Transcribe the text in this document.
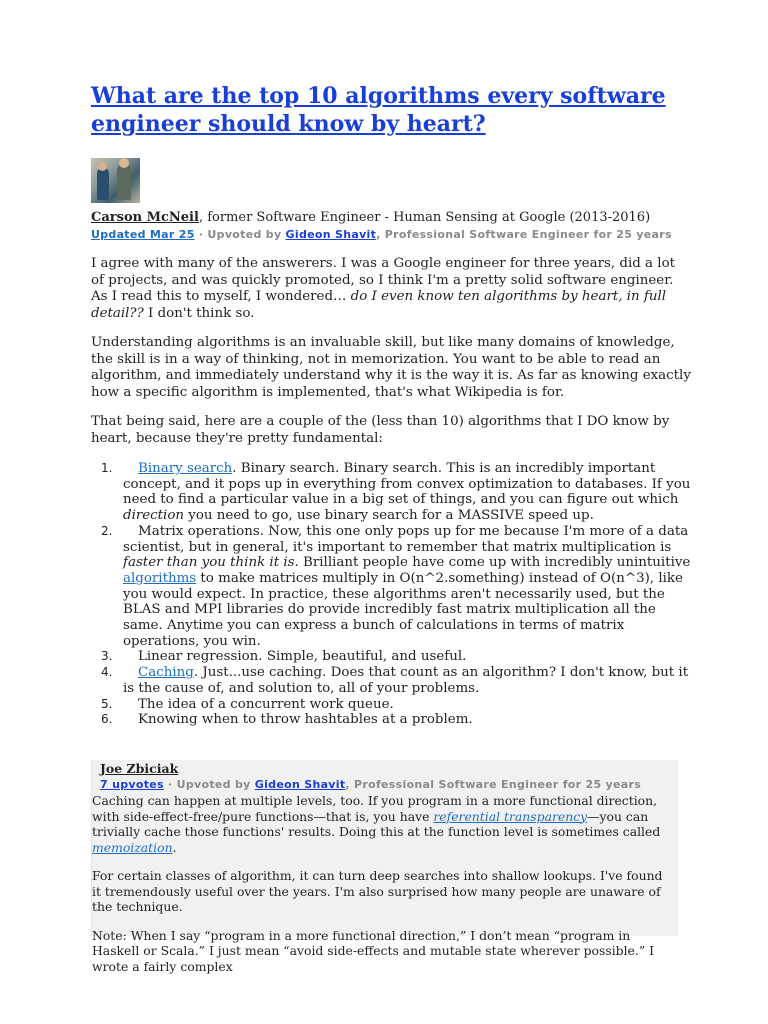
What are the top 10 algorithms every software engineer should know by heart?
Carson McNeil, former Software Engineer - Human Sensing at Google (2013-2016)
Updated Mar 25 · Upvoted by Gideon Shavit, Professional Software Engineer for 25 years

I agree with many of the answerers. I was a Google engineer for three years, did a lot of projects, and was quickly promoted, so I think I'm a pretty solid software engineer. As I read this to myself, I wondered… do I even know ten algorithms by heart, in full detail?? I don't think so.

Understanding algorithms is an invaluable skill, but like many domains of knowledge, the skill is in a way of thinking, not in memorization. You want to be able to read an algorithm, and immediately understand why it is the way it is. As far as knowing exactly how a specific algorithm is implemented, that's what Wikipedia is for.

That being said, here are a couple of the (less than 10) algorithms that I DO know by heart, because they're pretty fundamental:

1. Binary search. Binary search. Binary search. This is an incredibly important concept, and it pops up in everything from convex optimization to databases. If you need to find a particular value in a big set of things, and you can figure out which direction you need to go, use binary search for a MASSIVE speed up.
2. Matrix operations. Now, this one only pops up for me because I'm more of a data scientist, but in general, it's important to remember that matrix multiplication is faster than you think it is. Brilliant people have come up with incredibly unintuitive algorithms to make matrices multiply in O(n^2.something) instead of O(n^3), like you would expect. In practice, these algorithms aren't necessarily used, but the BLAS and MPI libraries do provide incredibly fast matrix multiplication all the same. Anytime you can express a bunch of calculations in terms of matrix operations, you win.
3. Linear regression. Simple, beautiful, and useful.
4. Caching. Just...use caching. Does that count as an algorithm? I don't know, but it is the cause of, and solution to, all of your problems.
5. The idea of a concurrent work queue.
6. Knowing when to throw hashtables at a problem.
Joe Zbiciak
7 upvotes · Upvoted by Gideon Shavit, Professional Software Engineer for 25 years

Caching can happen at multiple levels, too. If you program in a more functional direction, with side-effect-free/pure functions—that is, you have referential transparency—you can trivially cache those functions' results. Doing this at the function level is sometimes called memoization.

For certain classes of algorithm, it can turn deep searches into shallow lookups. I've found it tremendously useful over the years. I'm also surprised how many people are unaware of the technique.

Note: When I say “program in a more functional direction,” I don’t mean “program in Haskell or Scala.” I just mean “avoid side-effects and mutable state wherever possible.” I wrote a fairly complex
